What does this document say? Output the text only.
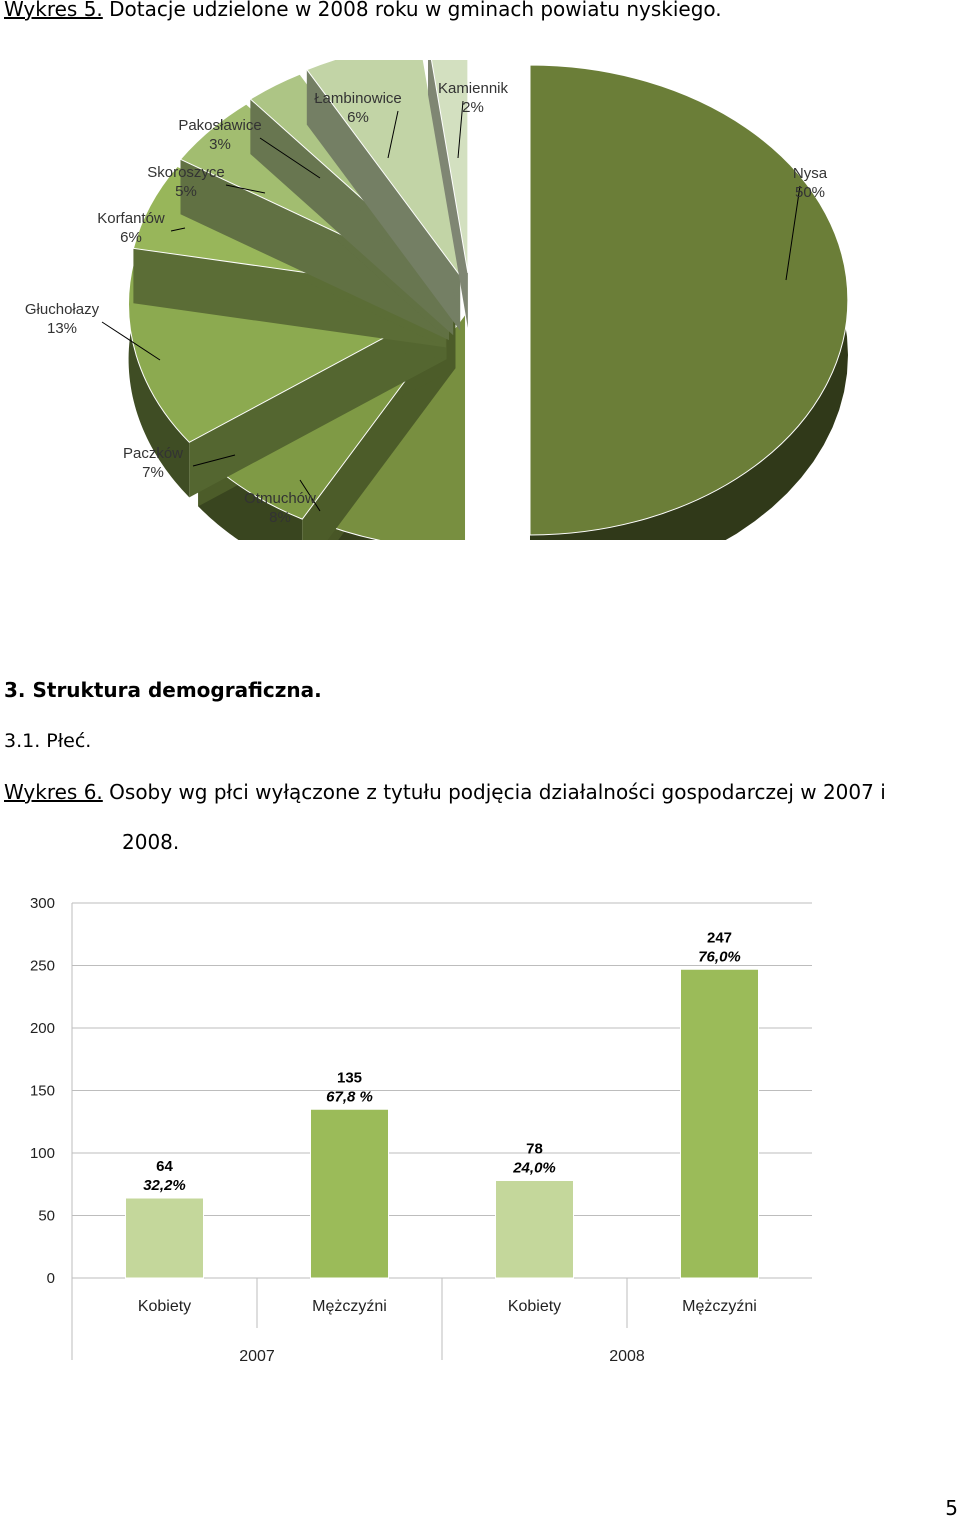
Wykres 5. Dotacje udzielone w 2008 roku w gminach powiatu nyskiego.
Nysa
50%
Otmuchów
8%
Paczków
7%
Głuchołazy
13%
Korfantów
6%
Skoroszyce
5%
Pakosławice
3%
Łambinowice
6%
Kamiennik
2%
3. Struktura demograficzna.
3.1. Płeć.
Wykres 6. Osoby wg płci wyłączone z tytułu podjęcia działalności gospodarczej w 2007 i
2008.
0
50
100
150
200
250
300
64
32,2%
Kobiety
135
67,8 %
Mężczyźni
78
24,0%
Kobiety
247
76,0%
Mężczyźni
2007	2008
5
